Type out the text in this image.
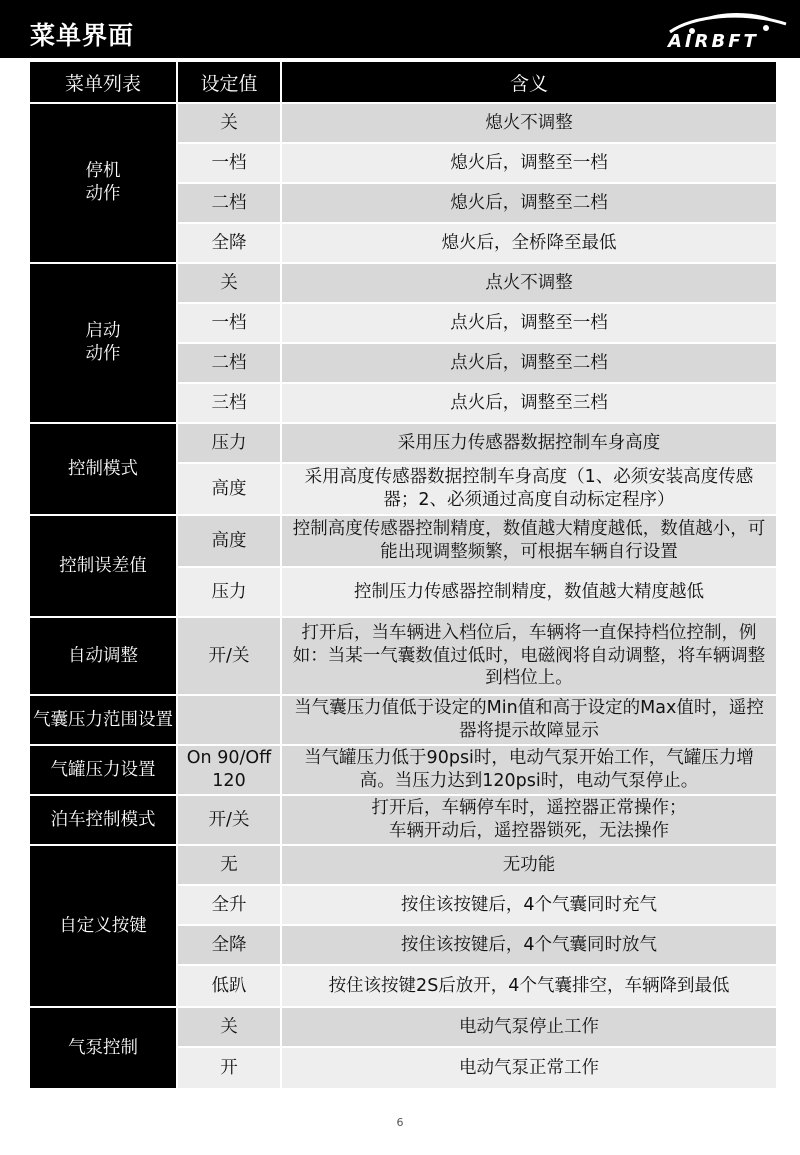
菜单界面	AIRBFT
菜单列表	设定值	含义
停机
动作	关	熄火不调整
	一档	熄火后，调整至一档
	二档	熄火后，调整至二档
	全降	熄火后，全桥降至最低
启动
动作	关	点火不调整
	一档	点火后，调整至一档
	二档	点火后，调整至二档
	三档	点火后，调整至三档
控制模式	压力	采用压力传感器数据控制车身高度
	高度	采用高度传感器数据控制车身高度（1、必须安装高度传感器；2、必须通过高度自动标定程序）
控制误差值	高度	控制高度传感器控制精度，数值越大精度越低，数值越小，可能出现调整频繁，可根据车辆自行设置
	压力	控制压力传感器控制精度，数值越大精度越低
自动调整	开/关	打开后，当车辆进入档位后，车辆将一直保持档位控制，例如：当某一气囊数值过低时，电磁阀将自动调整，将车辆调整到档位上。
气囊压力范围设置		当气囊压力值低于设定的Min值和高于设定的Max值时，遥控器将提示故障显示
气罐压力设置	On 90/Off 120	当气罐压力低于90psi时，电动气泵开始工作，气罐压力增高。当压力达到120psi时，电动气泵停止。
泊车控制模式	开/关	打开后，车辆停车时，遥控器正常操作；
车辆开动后，遥控器锁死，无法操作
自定义按键	无	无功能
	全升	按住该按键后，4个气囊同时充气
	全降	按住该按键后，4个气囊同时放气
	低趴	按住该按键2S后放开，4个气囊排空，车辆降到最低
气泵控制	关	电动气泵停止工作
	开	电动气泵正常工作
6
